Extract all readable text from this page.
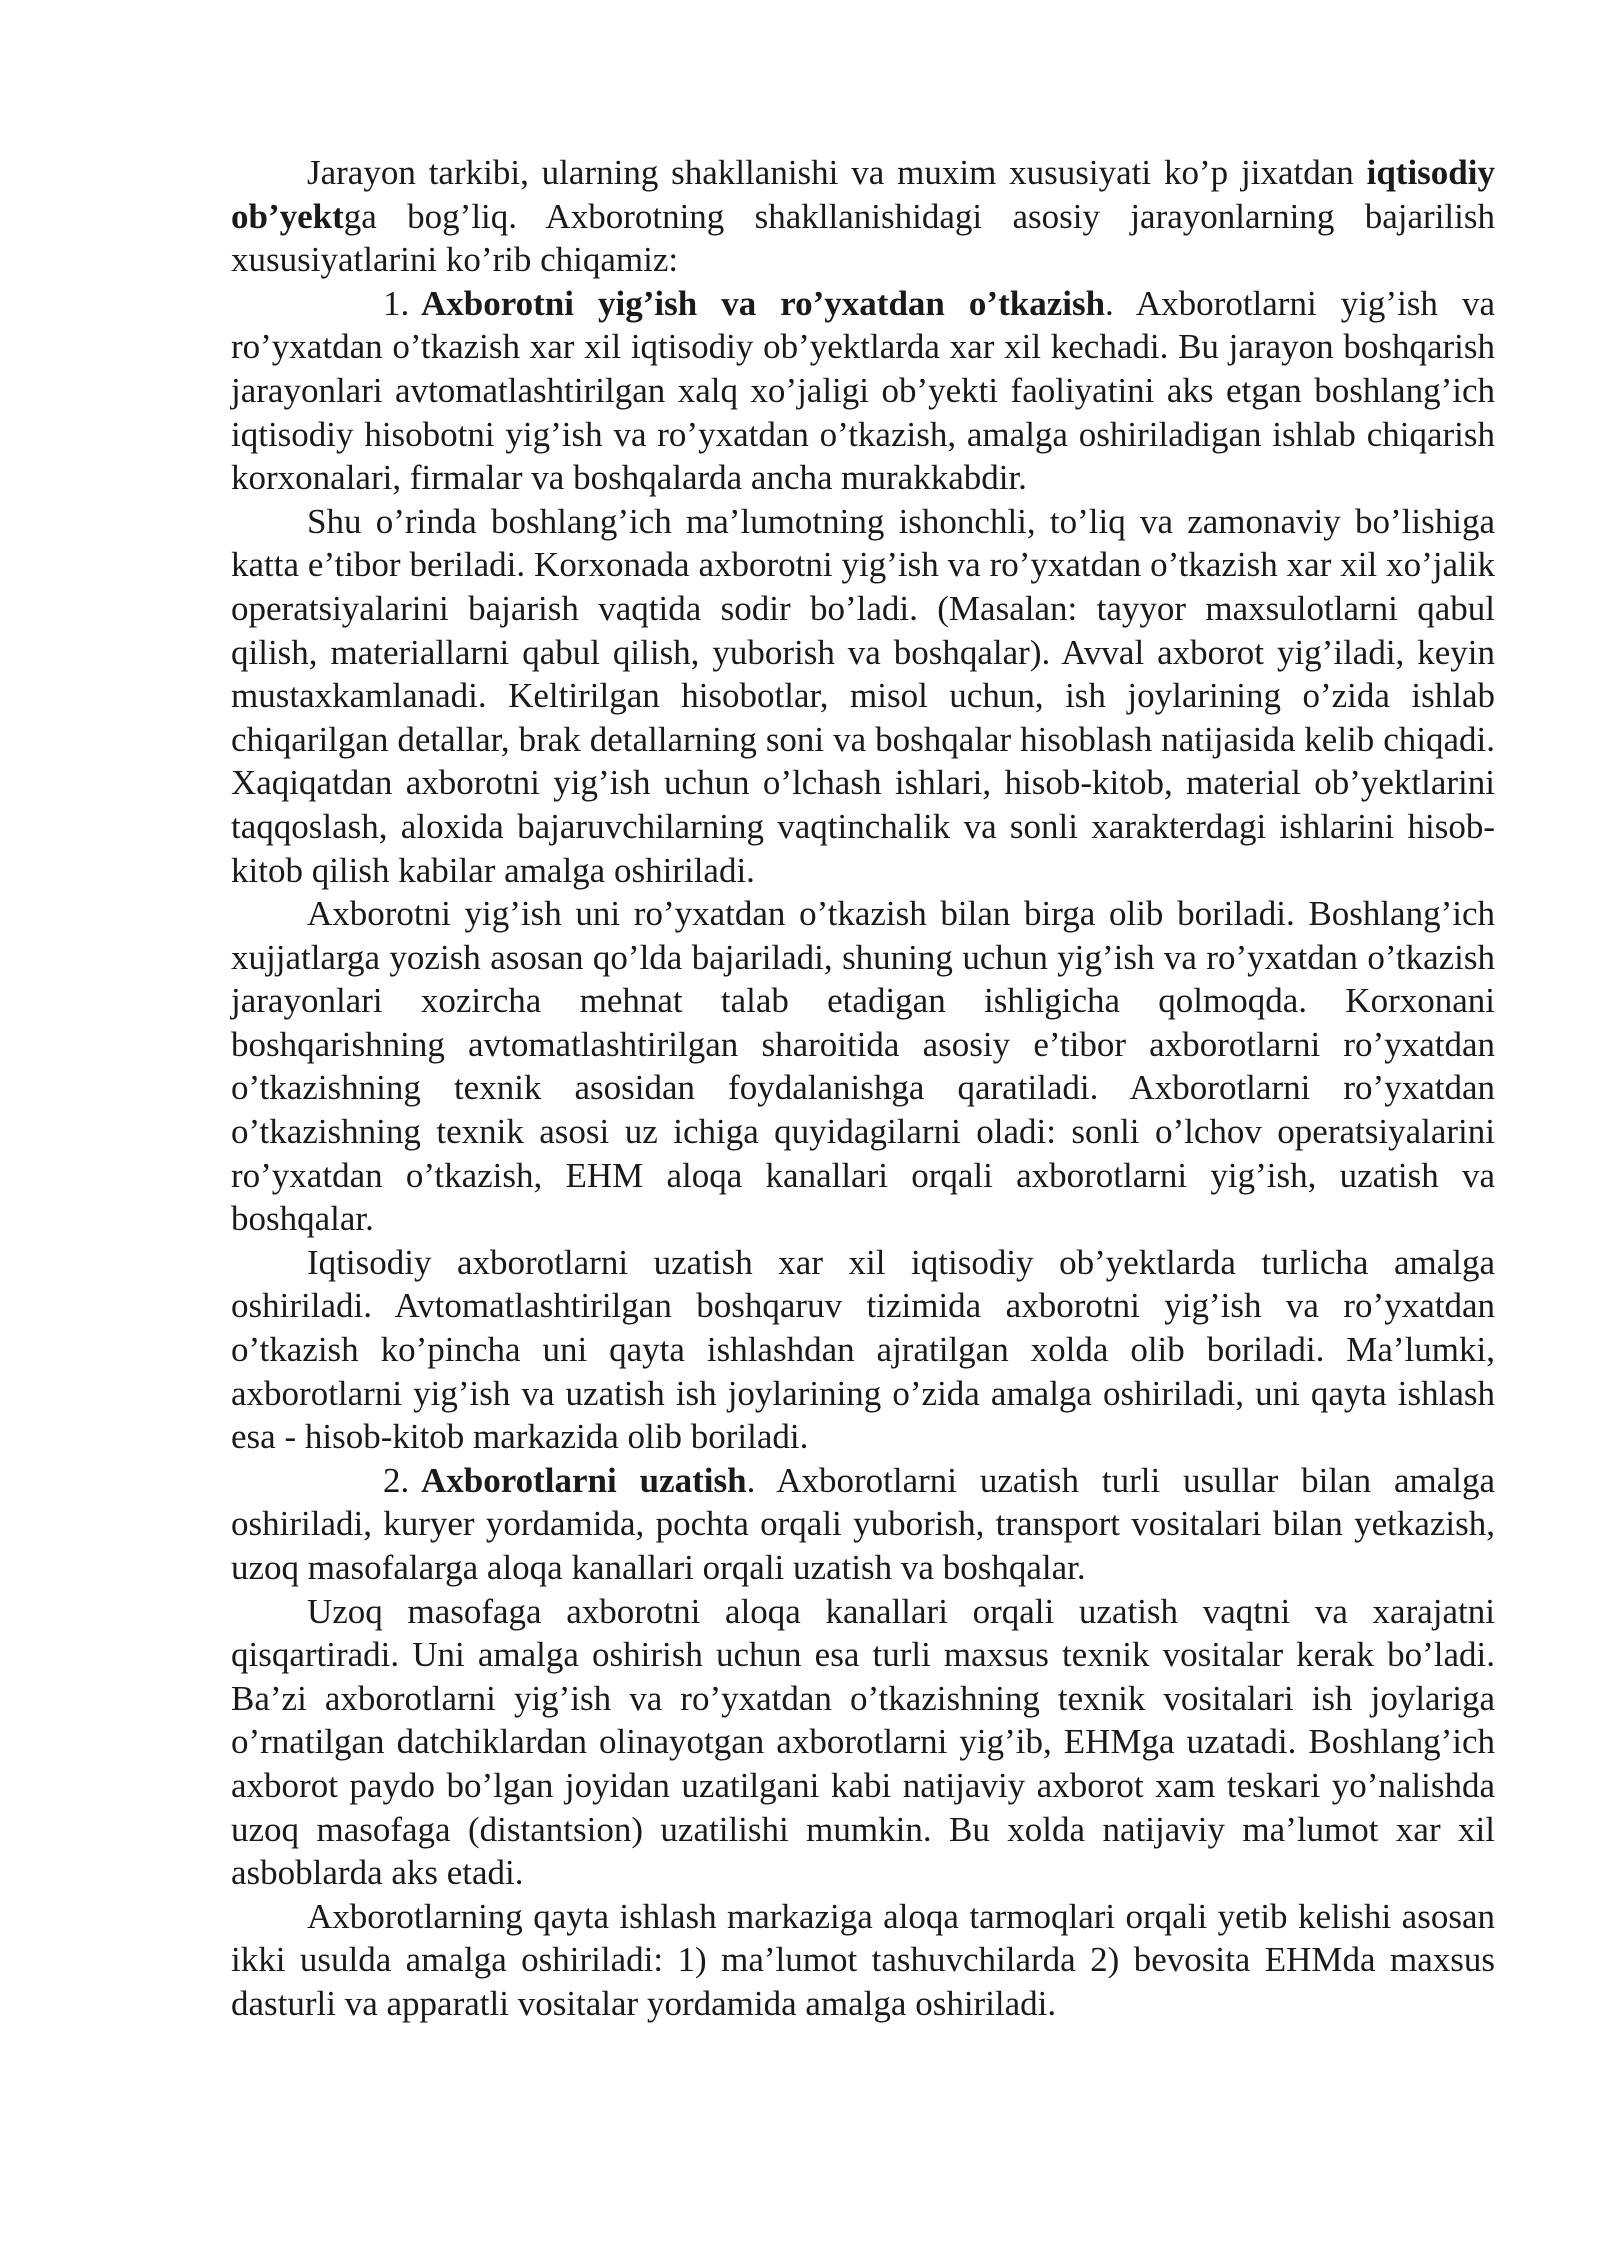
Jarayon tarkibi, ularning shakllanishi va muxim xususiyati ko’p jixatdan iqtisodiy ob’yektga bog’liq. Axborotning shakllanishidagi asosiy jarayonlarning bajarilish xususiyatlarini ko’rib chiqamiz:

1. Axborotni yig’ish va ro’yxatdan o’tkazish. Axborotlarni yig’ish va ro’yxatdan o’tkazish xar xil iqtisodiy ob’yektlarda xar xil kechadi. Bu jarayon boshqarish jarayonlari avtomatlashtirilgan xalq xo’jaligi ob’yekti faoliyatini aks etgan boshlang’ich iqtisodiy hisobotni yig’ish va ro’yxatdan o’tkazish, amalga oshiriladigan ishlab chiqarish korxonalari, firmalar va boshqalarda ancha murakkabdir.

Shu o’rinda boshlang’ich ma’lumotning ishonchli, to’liq va zamonaviy bo’lishiga katta e’tibor beriladi. Korxonada axborotni yig’ish va ro’yxatdan o’tkazish xar xil xo’jalik operatsiyalarini bajarish vaqtida sodir bo’ladi. (Masalan: tayyor maxsulotlarni qabul qilish, materiallarni qabul qilish, yuborish va boshqalar). Avval axborot yig’iladi, keyin mustaxkamlanadi. Keltirilgan hisobotlar, misol uchun, ish joylarining o’zida ishlab chiqarilgan detallar, brak detallarning soni va boshqalar hisoblash natijasida kelib chiqadi. Xaqiqatdan axborotni yig’ish uchun o’lchash ishlari, hisob-kitob, material ob’yektlarini taqqoslash, aloxida bajaruvchilarning vaqtinchalik va sonli xarakterdagi ishlarini hisob-kitob qilish kabilar amalga oshiriladi.

Axborotni yig’ish uni ro’yxatdan o’tkazish bilan birga olib boriladi. Boshlang’ich xujjatlarga yozish asosan qo’lda bajariladi, shuning uchun yig’ish va ro’yxatdan o’tkazish jarayonlari xozircha mehnat talab etadigan ishligicha qolmoqda. Korxonani boshqarishning avtomatlashtirilgan sharoitida asosiy e’tibor axborotlarni ro’yxatdan o’tkazishning texnik asosidan foydalanishga qaratiladi. Axborotlarni ro’yxatdan o’tkazishning texnik asosi uz ichiga quyidagilarni oladi: sonli o’lchov operatsiyalarini ro’yxatdan o’tkazish, EHM aloqa kanallari orqali axborotlarni yig’ish, uzatish va boshqalar.

Iqtisodiy axborotlarni uzatish xar xil iqtisodiy ob’yektlarda turlicha amalga oshiriladi. Avtomatlashtirilgan boshqaruv tizimida axborotni yig’ish va ro’yxatdan o’tkazish ko’pincha uni qayta ishlashdan ajratilgan xolda olib boriladi. Ma’lumki, axborotlarni yig’ish va uzatish ish joylarining o’zida amalga oshiriladi, uni qayta ishlash esa - hisob-kitob markazida olib boriladi.

2. Axborotlarni uzatish. Axborotlarni uzatish turli usullar bilan amalga oshiriladi, kuryer yordamida, pochta orqali yuborish, transport vositalari bilan yetkazish, uzoq masofalarga aloqa kanallari orqali uzatish va boshqalar.

Uzoq masofaga axborotni aloqa kanallari orqali uzatish vaqtni va xarajatni qisqartiradi. Uni amalga oshirish uchun esa turli maxsus texnik vositalar kerak bo’ladi. Ba’zi axborotlarni yig’ish va ro’yxatdan o’tkazishning texnik vositalari ish joylariga o’rnatilgan datchiklardan olinayotgan axborotlarni yig’ib, EHMga uzatadi. Boshlang’ich axborot paydo bo’lgan joyidan uzatilgani kabi natijaviy axborot xam teskari yo’nalishda uzoq masofaga (distantsion) uzatilishi mumkin. Bu xolda natijaviy ma’lumot xar xil asboblarda aks etadi.

Axborotlarning qayta ishlash markaziga aloqa tarmoqlari orqali yetib kelishi asosan ikki usulda amalga oshiriladi: 1) ma’lumot tashuvchilarda 2) bevosita EHMda maxsus dasturli va apparatli vositalar yordamida amalga oshiriladi.
